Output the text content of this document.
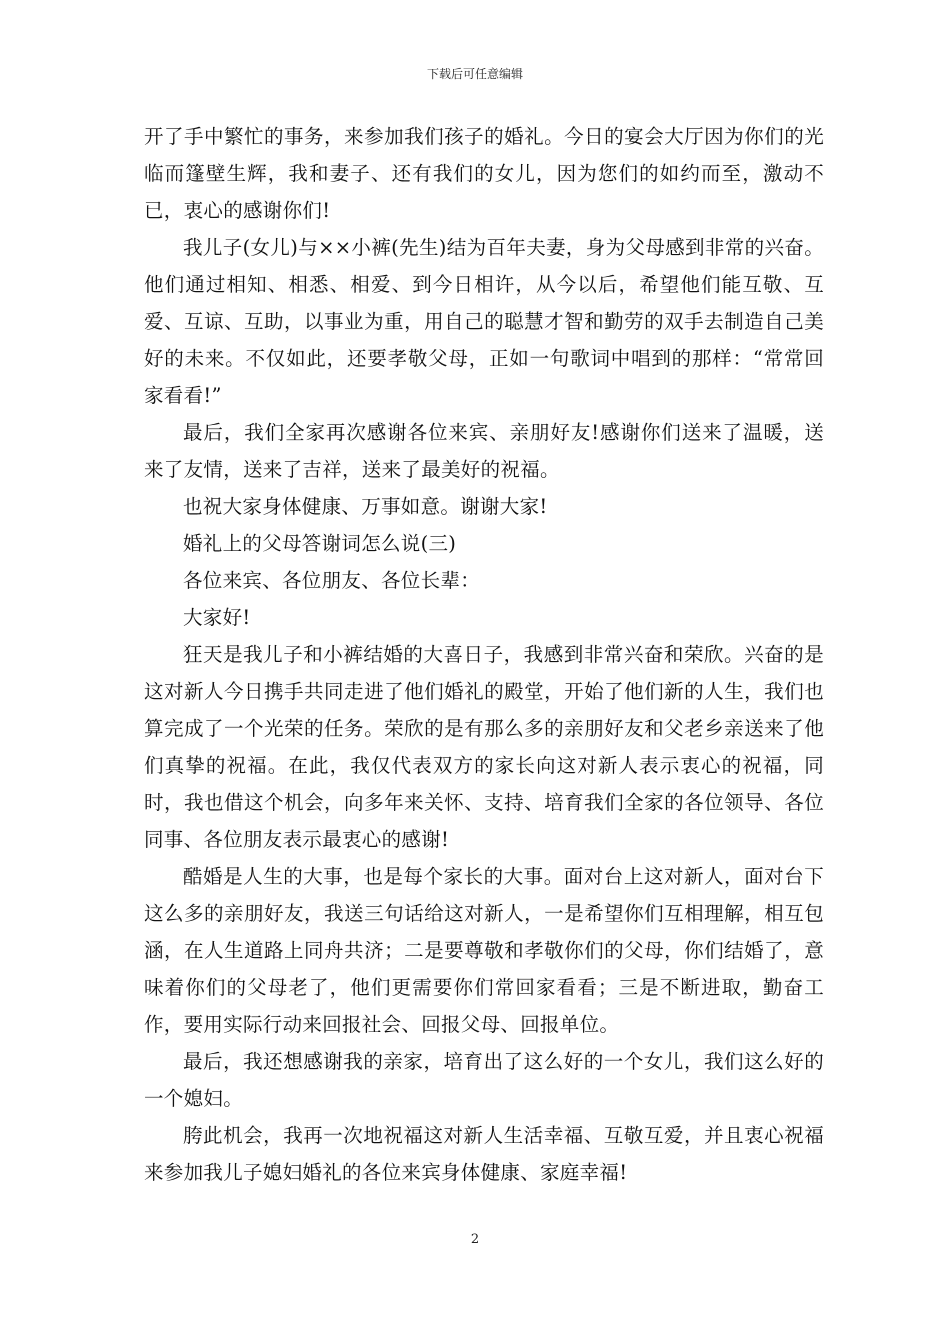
下载后可任意编辑

开了手中繁忙的事务，来参加我们孩子的婚礼。今日的宴会大厅因为你们的光临而篷壁生辉，我和妻子、还有我们的女儿，因为您们的如约而至，激动不已，衷心的感谢你们!

我儿子(女儿)与××小裤(先生)结为百年夫妻，身为父母感到非常的兴奋。他们通过相知、相悉、相爱、到今日相许，从今以后，希望他们能互敬、互爱、互谅、互助，以事业为重，用自己的聪慧才智和勤劳的双手去制造自己美好的未来。不仅如此，还要孝敬父母，正如一句歌词中唱到的那样：“常常回家看看!”

最后，我们全家再次感谢各位来宾、亲朋好友!感谢你们送来了温暖，送来了友情，送来了吉祥，送来了最美好的祝福。

也祝大家身体健康、万事如意。谢谢大家!

婚礼上的父母答谢词怎么说(三)

各位来宾、各位朋友、各位长辈：

大家好!

狂天是我儿子和小裤结婚的大喜日子，我感到非常兴奋和荣欣。兴奋的是这对新人今日携手共同走进了他们婚礼的殿堂，开始了他们新的人生，我们也算完成了一个光荣的任务。荣欣的是有那么多的亲朋好友和父老乡亲送来了他们真挚的祝福。在此，我仅代表双方的家长向这对新人表示衷心的祝福，同时，我也借这个机会，向多年来关怀、支持、培育我们全家的各位领导、各位同事、各位朋友表示最衷心的感谢!

酷婚是人生的大事，也是每个家长的大事。面对台上这对新人，面对台下这么多的亲朋好友，我送三句话给这对新人，一是希望你们互相理解，相互包涵，在人生道路上同舟共济；二是要尊敬和孝敬你们的父母，你们结婚了，意味着你们的父母老了，他们更需要你们常回家看看；三是不断进取，勤奋工作，要用实际行动来回报社会、回报父母、回报单位。

最后，我还想感谢我的亲家，培育出了这么好的一个女儿，我们这么好的一个媳妇。

胯此机会，我再一次地祝福这对新人生活幸福、互敬互爱，并且衷心祝福来参加我儿子媳妇婚礼的各位来宾身体健康、家庭幸福!

2
